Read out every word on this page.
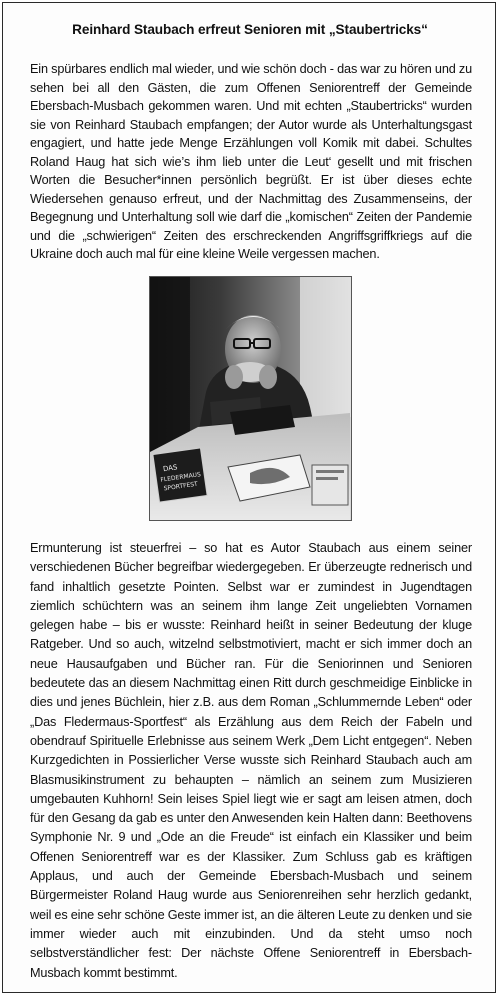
Reinhard Staubach erfreut Senioren mit „Staubertricks“

Ein spürbares endlich mal wieder, und wie schön doch - das war zu hören und zu sehen bei all den Gästen, die zum Offenen Seniorentreff der Gemeinde Ebersbach-Musbach gekommen waren. Und mit echten „Staubertricks“ wurden sie von Reinhard Staubach empfangen; der Autor wurde als Unterhaltungsgast engagiert, und hatte jede Menge Erzählungen voll Komik mit dabei. Schultes Roland Haug hat sich wie’s ihm lieb unter die Leut‘ gesellt und mit frischen Worten die Besucher*innen persönlich begrüßt. Er ist über dieses echte Wiedersehen genauso erfreut, und der Nachmittag des Zusammenseins, der Begegnung und Unterhaltung soll wie darf die „komischen“ Zeiten der Pandemie und die „schwierigen“ Zeiten des erschreckenden Angriffsgriffkriegs auf die Ukraine doch auch mal für eine kleine Weile vergessen machen.

DAS
FLEDERMAUS
SPORTFEST

Ermunterung ist steuerfrei – so hat es Autor Staubach aus einem seiner verschiedenen Bücher begreifbar wiedergegeben. Er überzeugte rednerisch und fand inhaltlich gesetzte Pointen. Selbst war er zumindest in Jugendtagen ziemlich schüchtern was an seinem ihm lange Zeit ungeliebten Vornamen gelegen habe – bis er wusste: Reinhard heißt in seiner Bedeutung der kluge Ratgeber. Und so auch, witzelnd selbstmotiviert, macht er sich immer doch an neue Hausaufgaben und Bücher ran. Für die Seniorinnen und Senioren bedeutete das an diesem Nachmittag einen Ritt durch geschmeidige Einblicke in dies und jenes Büchlein, hier z.B. aus dem Roman „Schlummernde Leben“ oder „Das Fledermaus-Sportfest“ als Erzählung aus dem Reich der Fabeln und obendrauf Spirituelle Erlebnisse aus seinem Werk „Dem Licht entgegen“. Neben Kurzgedichten in Possierlicher Verse wusste sich Reinhard Staubach auch am Blasmusikinstrument zu behaupten – nämlich an seinem zum Musizieren umgebauten Kuhhorn! Sein leises Spiel liegt wie er sagt am leisen atmen, doch für den Gesang da gab es unter den Anwesenden kein Halten dann: Beethovens Symphonie Nr. 9 und „Ode an die Freude“ ist einfach ein Klassiker und beim Offenen Seniorentreff war es der Klassiker. Zum Schluss gab es kräftigen Applaus, und auch der Gemeinde Ebersbach-Musbach und seinem Bürgermeister Roland Haug wurde aus Seniorenreihen sehr herzlich gedankt, weil es eine sehr schöne Geste immer ist, an die älteren Leute zu denken und sie immer wieder auch mit einzubinden. Und da steht umso noch selbstverständlicher fest: Der nächste Offene Seniorentreff in Ebersbach-Musbach kommt bestimmt.
